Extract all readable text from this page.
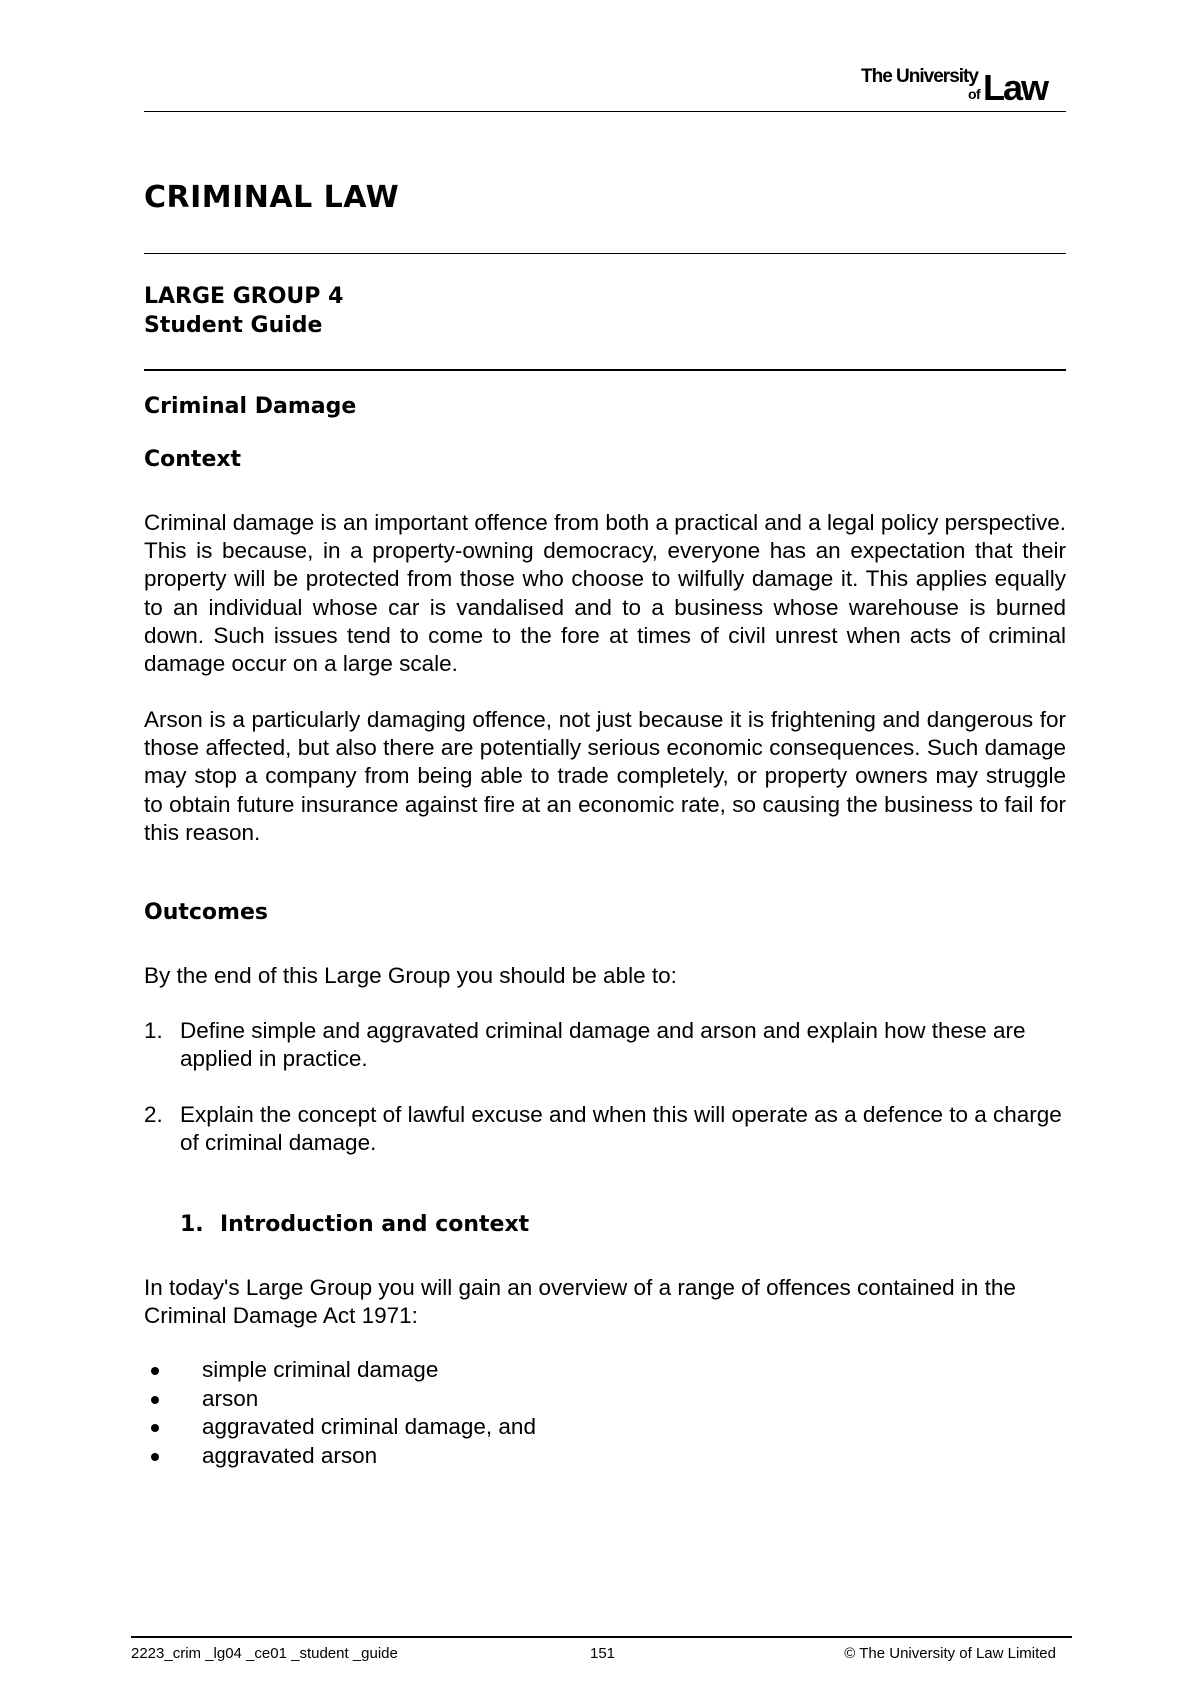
The University
of Law
CRIMINAL LAW
LARGE GROUP 4
Student Guide
Criminal Damage
Context
Criminal damage is an important offence from both a practical and a legal policy perspective. This is because, in a property-owning democracy, everyone has an expectation that their property will be protected from those who choose to wilfully damage it. This applies equally to an individual whose car is vandalised and to a business whose warehouse is burned down. Such issues tend to come to the fore at times of civil unrest when acts of criminal damage occur on a large scale.
Arson is a particularly damaging offence, not just because it is frightening and dangerous for those affected, but also there are potentially serious economic consequences. Such damage may stop a company from being able to trade completely, or property owners may struggle to obtain future insurance against fire at an economic rate, so causing the business to fail for this reason.
Outcomes
By the end of this Large Group you should be able to:
1. Define simple and aggravated criminal damage and arson and explain how these are applied in practice.
2. Explain the concept of lawful excuse and when this will operate as a defence to a charge of criminal damage.
1. Introduction and context
In today's Large Group you will gain an overview of a range of offences contained in the Criminal Damage Act 1971:
simple criminal damage
arson
aggravated criminal damage, and
aggravated arson
2223_crim _lg04 _ce01 _student _guide	151	© The University of Law Limited
